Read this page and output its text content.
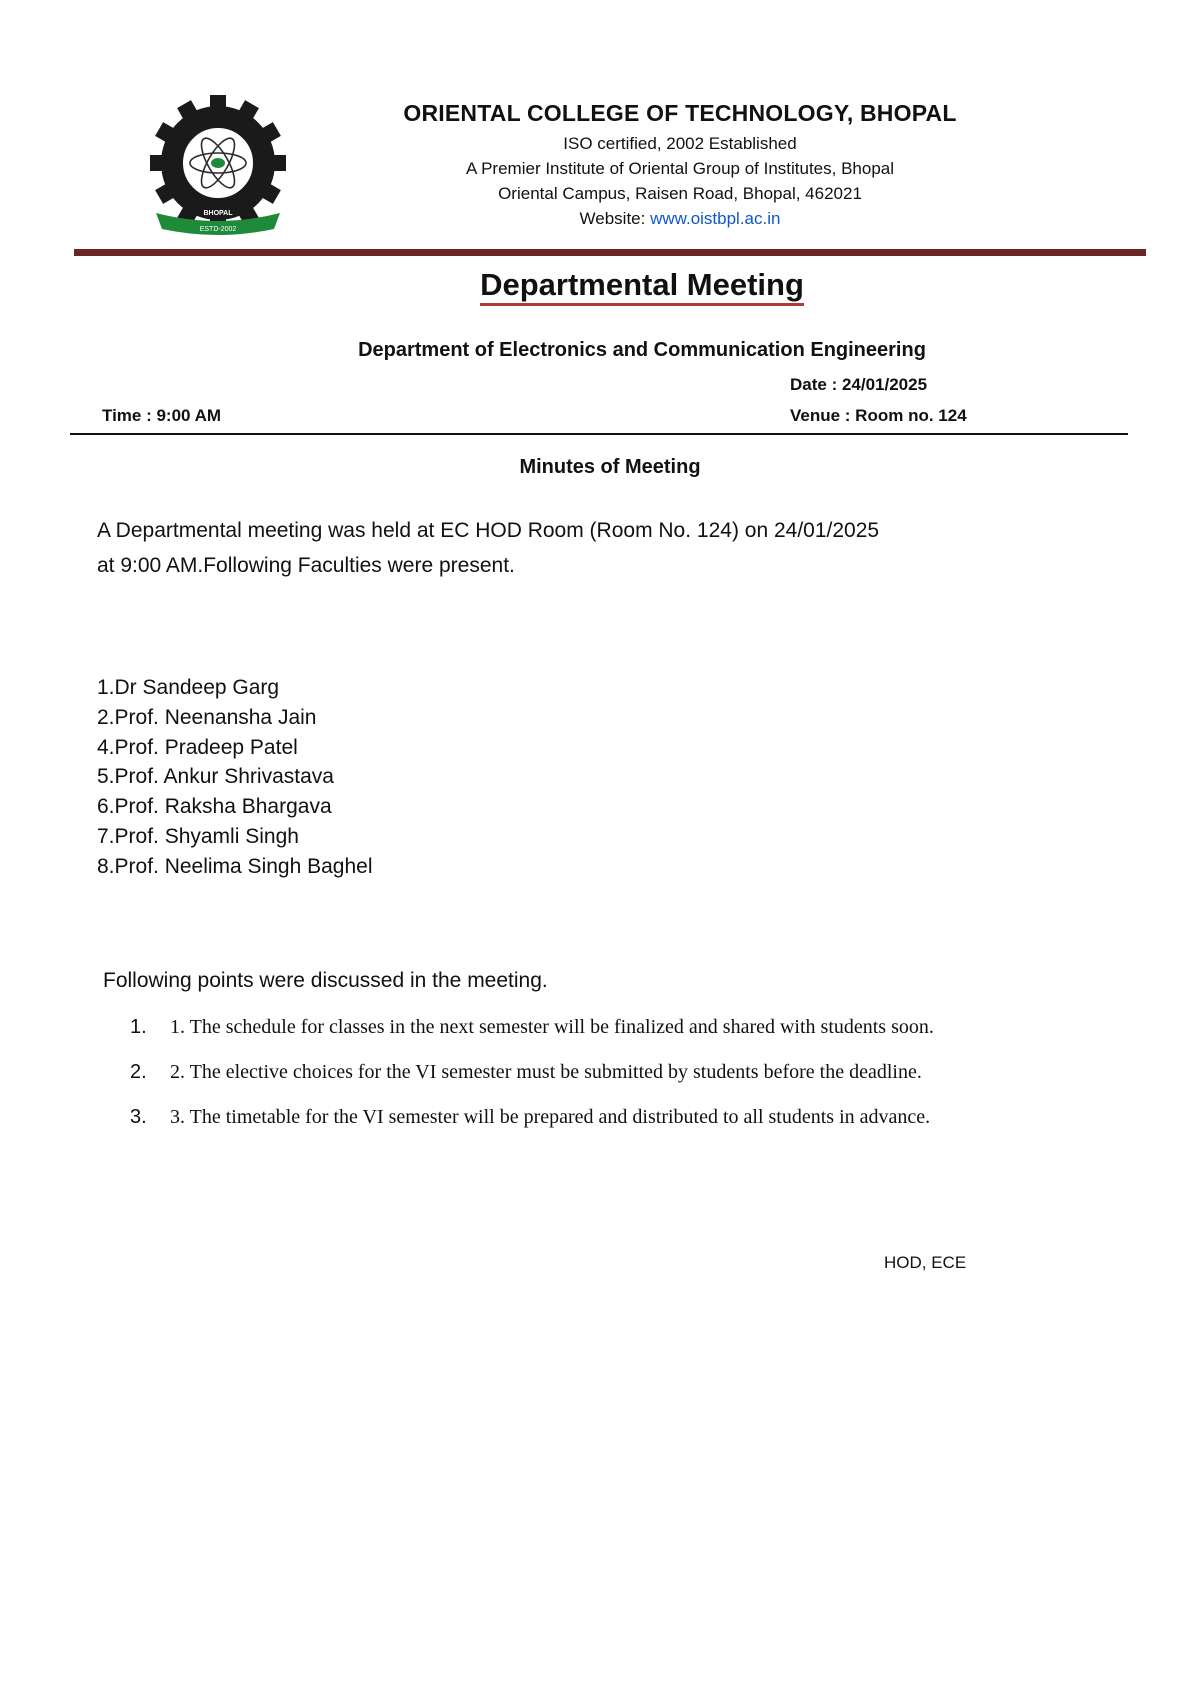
ESTD-2002
BHOPAL
ORIENTAL COLLEGE OF TECHNOLOGY, BHOPAL
ISO certified, 2002 Established
A Premier Institute of Oriental Group of Institutes, Bhopal
Oriental Campus, Raisen Road, Bhopal, 462021
Website: www.oistbpl.ac.in
Departmental Meeting
Department of Electronics and Communication Engineering
Date : 24/01/2025
Time : 9:00 AM	Venue : Room no. 124
Minutes of Meeting
A Departmental meeting was held at EC HOD Room (Room No. 124) on 24/01/2025
at 9:00 AM.Following Faculties were present.
1.Dr Sandeep Garg
2.Prof. Neenansha Jain
4.Prof. Pradeep Patel
5.Prof. Ankur Shrivastava
6.Prof. Raksha Bhargava
7.Prof. Shyamli Singh
8.Prof. Neelima Singh Baghel
Following points were discussed in the meeting.
1.	1. The schedule for classes in the next semester will be finalized and shared with students soon.
2.	2. The elective choices for the VI semester must be submitted by students before the deadline.
3.	3. The timetable for the VI semester will be prepared and distributed to all students in advance.
HOD, ECE
